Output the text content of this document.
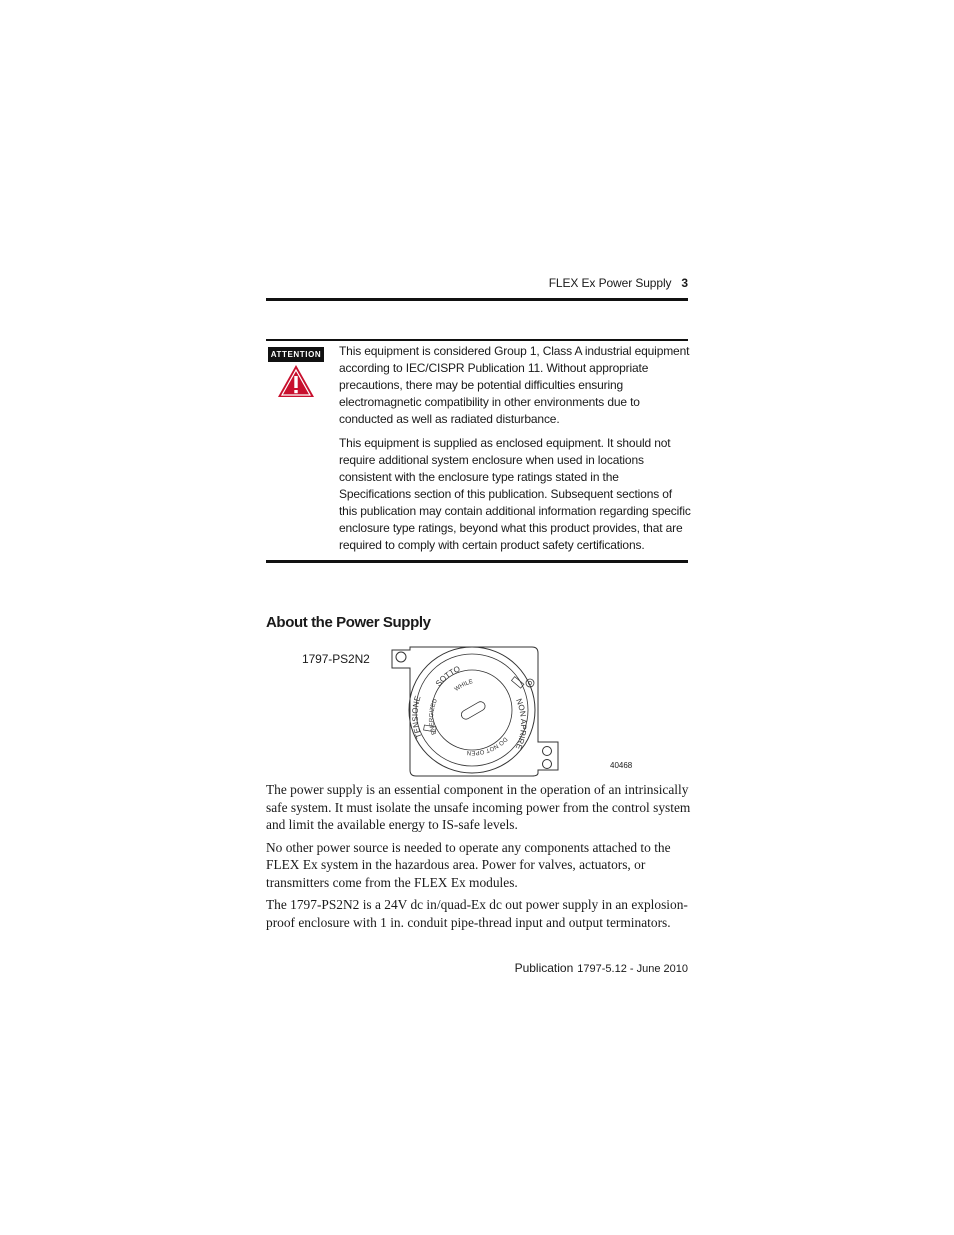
FLEX Ex Power Supply 3
ATTENTION This equipment is considered Group 1, Class A industrial equipment according to IEC/CISPR Publication 11. Without appropriate precautions, there may be potential difficulties ensuring electromagnetic compatibility in other environments due to conducted as well as radiated disturbance.

This equipment is supplied as enclosed equipment. It should not require additional system enclosure when used in locations consistent with the enclosure type ratings stated in the Specifications section of this publication. Subsequent sections of this publication may contain additional information regarding specific enclosure type ratings, beyond what this product provides, that are required to comply with certain product safety certifications.

About the Power Supply
1797-PS2N2
SOTTO
TENSIONE	NON APRIRE
WHILE
ENERGIZED
DO NOT OPEN
40468

The power supply is an essential component in the operation of an intrinsically safe system. It must isolate the unsafe incoming power from the control system and limit the available energy to IS-safe levels.

No other power source is needed to operate any components attached to the FLEX Ex system in the hazardous area. Power for valves, actuators, or transmitters come from the FLEX Ex modules.

The 1797-PS2N2 is a 24V dc in/quad-Ex dc out power supply in an explosion-proof enclosure with 1 in. conduit pipe-thread input and output terminators.

Publication 1797-5.12 - June 2010
